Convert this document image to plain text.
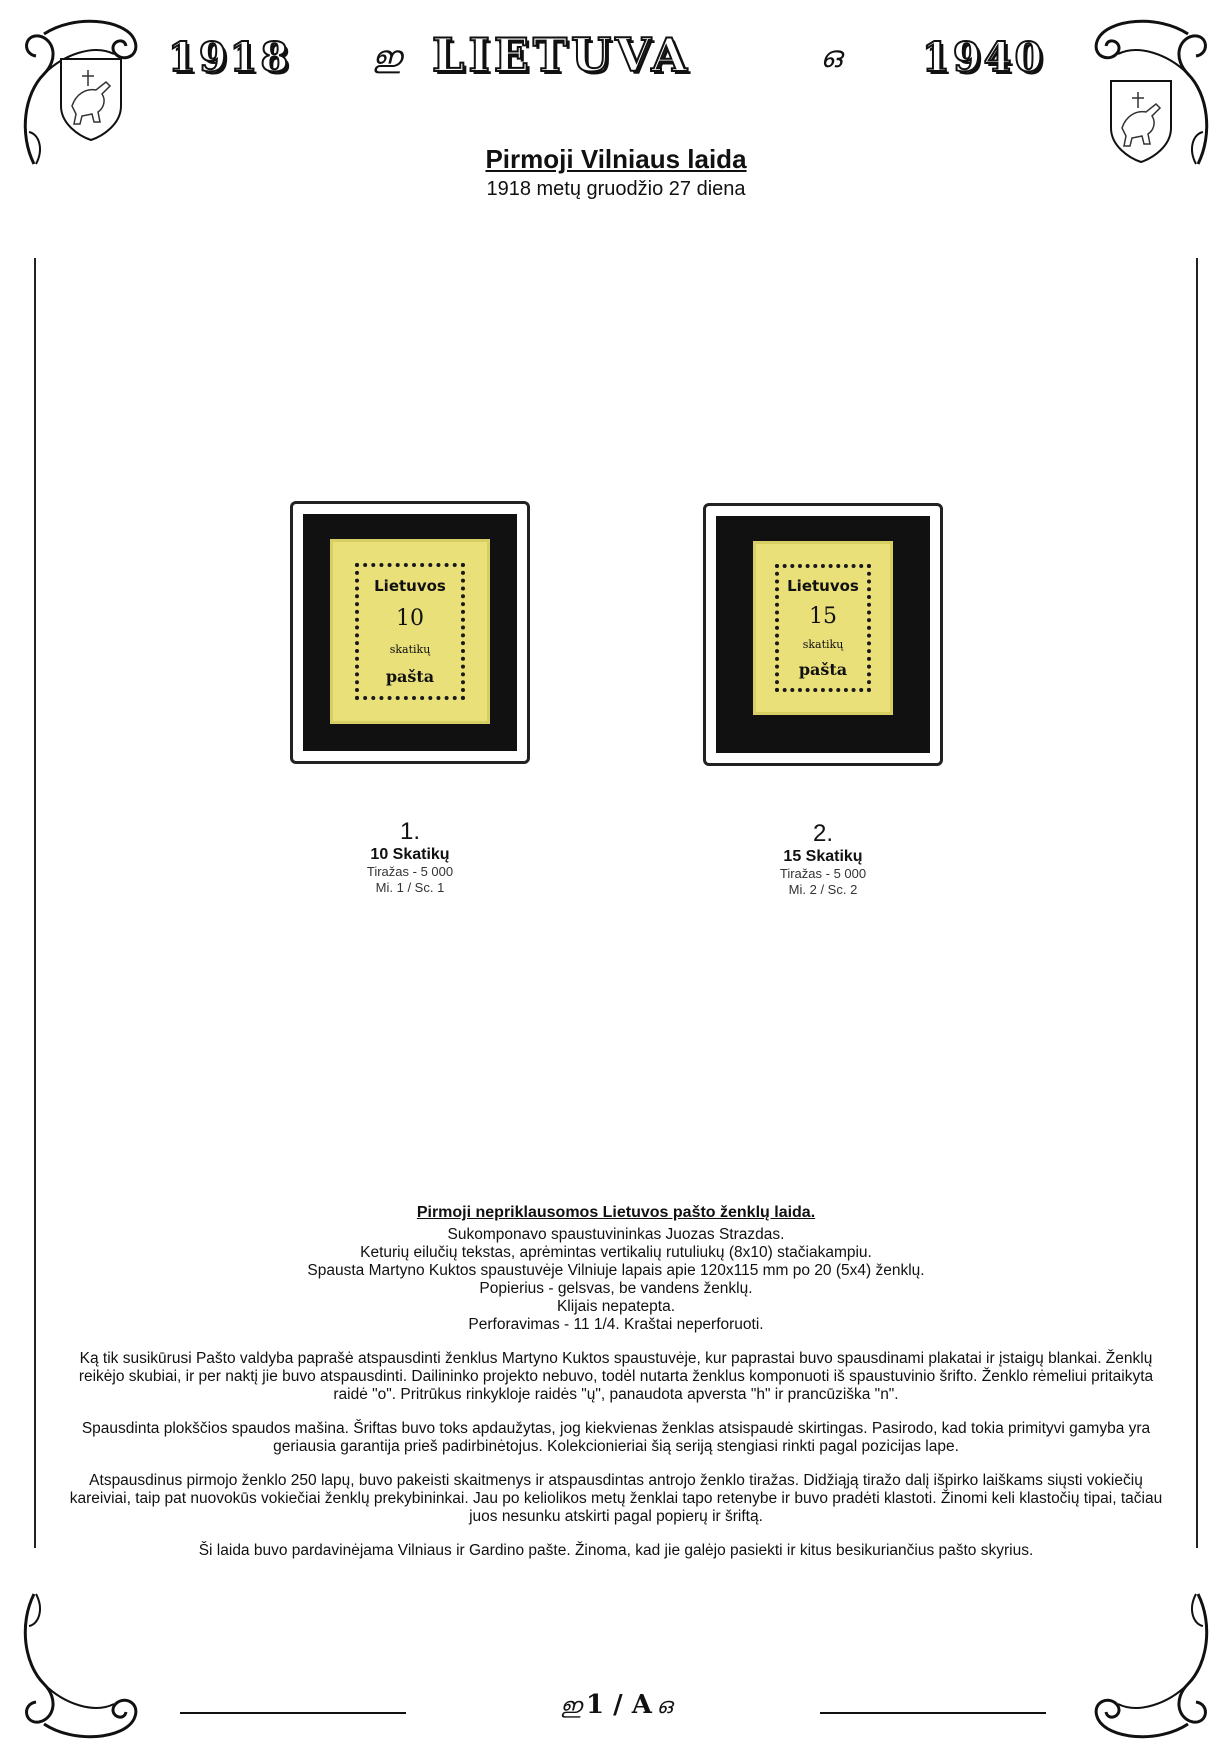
1918	ഇ LIETUVA	ഒ 1940
Pirmoji Vilniaus laida
1918 metų gruodžio 27 diena
Lietuvos
10
skatikų
pašta
1.
10 Skatikų
Tiražas - 5 000
Mi. 1 / Sc. 1
Lietuvos
15
skatikų
pašta
2.
15 Skatikų
Tiražas - 5 000
Mi. 2 / Sc. 2
Pirmoji nepriklausomos Lietuvos pašto ženklų laida.
Sukomponavo spaustuvininkas Juozas Strazdas.
Keturių eilučių tekstas, aprėmintas vertikalių rutuliukų (8x10) stačiakampiu.
Spausta Martyno Kuktos spaustuvėje Vilniuje lapais apie 120x115 mm po 20 (5x4) ženklų.
Popierius - gelsvas, be vandens ženklų.
Klijais nepatepta.
Perforavimas - 11 1/4. Kraštai neperforuoti.
Ką tik susikūrusi Pašto valdyba paprašė atspausdinti ženklus Martyno Kuktos spaustuvėje, kur paprastai buvo spausdinami plakatai ir įstaigų blankai. Ženklų reikėjo skubiai, ir per naktį jie buvo atspausdinti. Dailininko projekto nebuvo, todėl nutarta ženklus komponuoti iš spaustuvinio šrifto. Ženklo rėmeliui pritaikyta raidė "o". Pritrūkus rinkykloje raidės "ų", panaudota apversta "h" ir prancūziška "n".
Spausdinta plokščios spaudos mašina. Šriftas buvo toks apdaužytas, jog kiekvienas ženklas atsispaudė skirtingas. Pasirodo, kad tokia primityvi gamyba yra geriausia garantija prieš padirbinėtojus. Kolekcionieriai šią seriją stengiasi rinkti pagal pozicijas lape.
Atspausdinus pirmojo ženklo 250 lapų, buvo pakeisti skaitmenys ir atspausdintas antrojo ženklo tiražas. Didžiąją tiražo dalį išpirko laiškams siųsti vokiečių kareiviai, taip pat nuovokūs vokiečiai ženklų prekybininkai. Jau po keliolikos metų ženklai tapo retenybe ir buvo pradėti klastoti. Žinomi keli klastočių tipai, tačiau juos nesunku atskirti pagal popierų ir šriftą.
Ši laida buvo pardavinėjama Vilniaus ir Gardino pašte. Žinoma, kad jie galėjo pasiekti ir kitus besikuriančius pašto skyrius.
ഇ 1 / A ഒ
